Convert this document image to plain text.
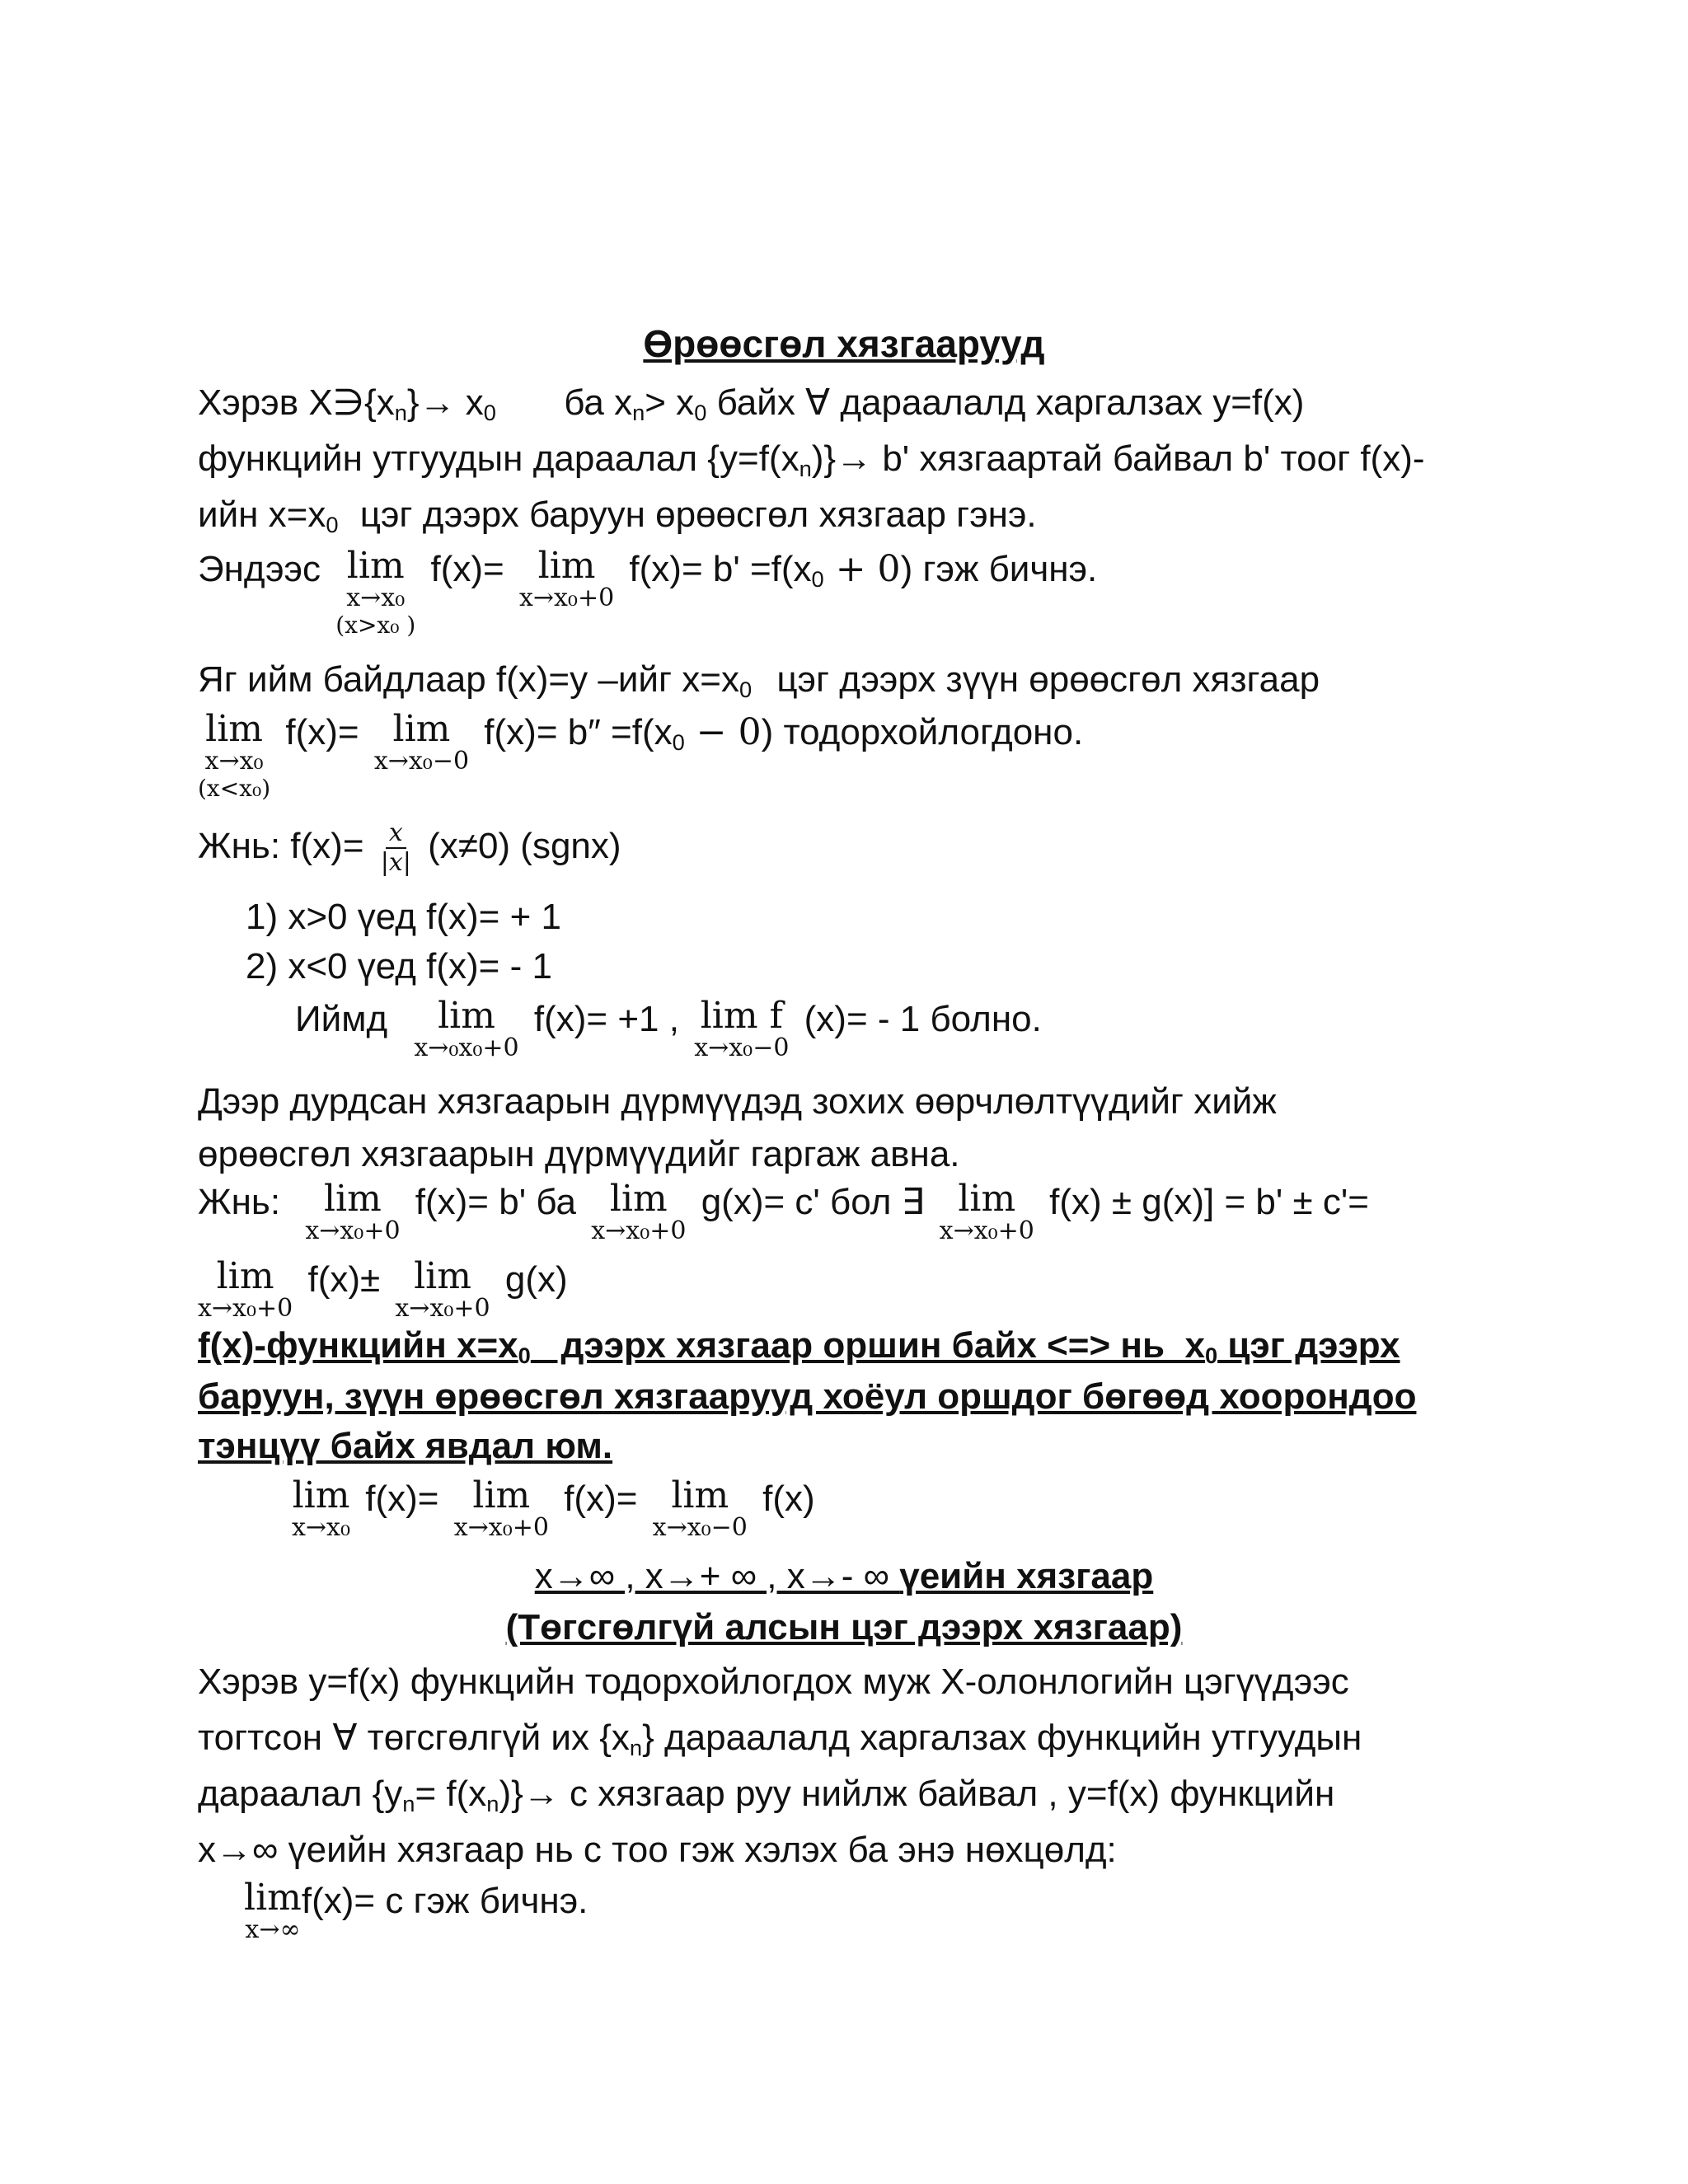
Өрөөсгөл хязгаарууд
Хэрэв $X∋\{x_n\}\to x_0$ ба $x_n> x_0$ байх ∀ дараалалд харгалзах y=f(x)
функцийн утгуудын дараалал $\{y=f(x_n)\}\to b'$ хязгаартай байвал b' тоог f(x)-
ийн $x=x_0$ цэг дээрх баруун өрөөсгөл хязгаар гэнэ.
Эндээс lim
x→x₀
(x>x₀ )
f(x)= lim
x→x₀+0
$f(x)= b' =f(x_0 + 0)$ гэж бичнэ.
Яг ийм байдлаар f(x)=y –ийг $x=x_0$ цэг дээрх зүүн өрөөсгөл хязгаар
lim
x→x₀
(x<x₀)
f(x)= lim
x→x₀−0
$f(x)= b'' =f(x_0 - 0)$ тодорхойлогдоно.
Жнь: $f(x)= \frac{x}{|x|} (x\ne 0)$ (sgnx)
1) x>0 үед f(x)= + 1
2) x<0 үед f(x)= - 1
Иймд lim
x→₀x₀+0
f(x)= +1 , lim f
x→x₀−0
(x)= - 1 болно.
Дээр дурдсан хязгаарын дүрмүүдэд зохих өөрчлөлтүүдийг хийж
өрөөсгөл хязгаарын дүрмүүдийг гаргаж авна.
Жнь: lim
x→x₀+0
f(x)= b' ба lim
x→x₀+0
g(x)= c' бол ∃ lim
x→x₀+0
f(x) ± g(x)] = b' ± c'=
lim
x→x₀+0
f(x)± lim
x→x₀+0
g(x)
f(x)-функцийн $x=x_0$   дээрх хязгаар оршин байх <=> нь  $x_0$ цэг дээрх
баруун, зүүн өрөөсгөл хязгаарууд хоёул оршдог бөгөөд хоорондоо
тэнцүү байх явдал юм.
lim
x→x₀
f(x)= lim
x→x₀+0
f(x)= lim
x→x₀−0
f(x)
x→∞ , x→+ ∞ , x→- ∞ үеийн хязгаар
(Төгсгөлгүй алсын цэг дээрх хязгаар)
Хэрэв y=f(x) функцийн тодорхойлогдох муж X-олонлогийн цэгүүдээс
тогтсон ∀ төгсгөлгүй их $\{x_n\}$ дараалалд харгалзах функцийн утгуудын
дараалал $\{y_n= f(x_n)\}\to c$ хязгаар руу нийлж байвал , y=f(x) функцийн
x→∞ үеийн хязгаар нь c тоо гэж хэлэх ба энэ нөхцөлд:
lim
x→∞
f(x)= c гэж бичнэ.
